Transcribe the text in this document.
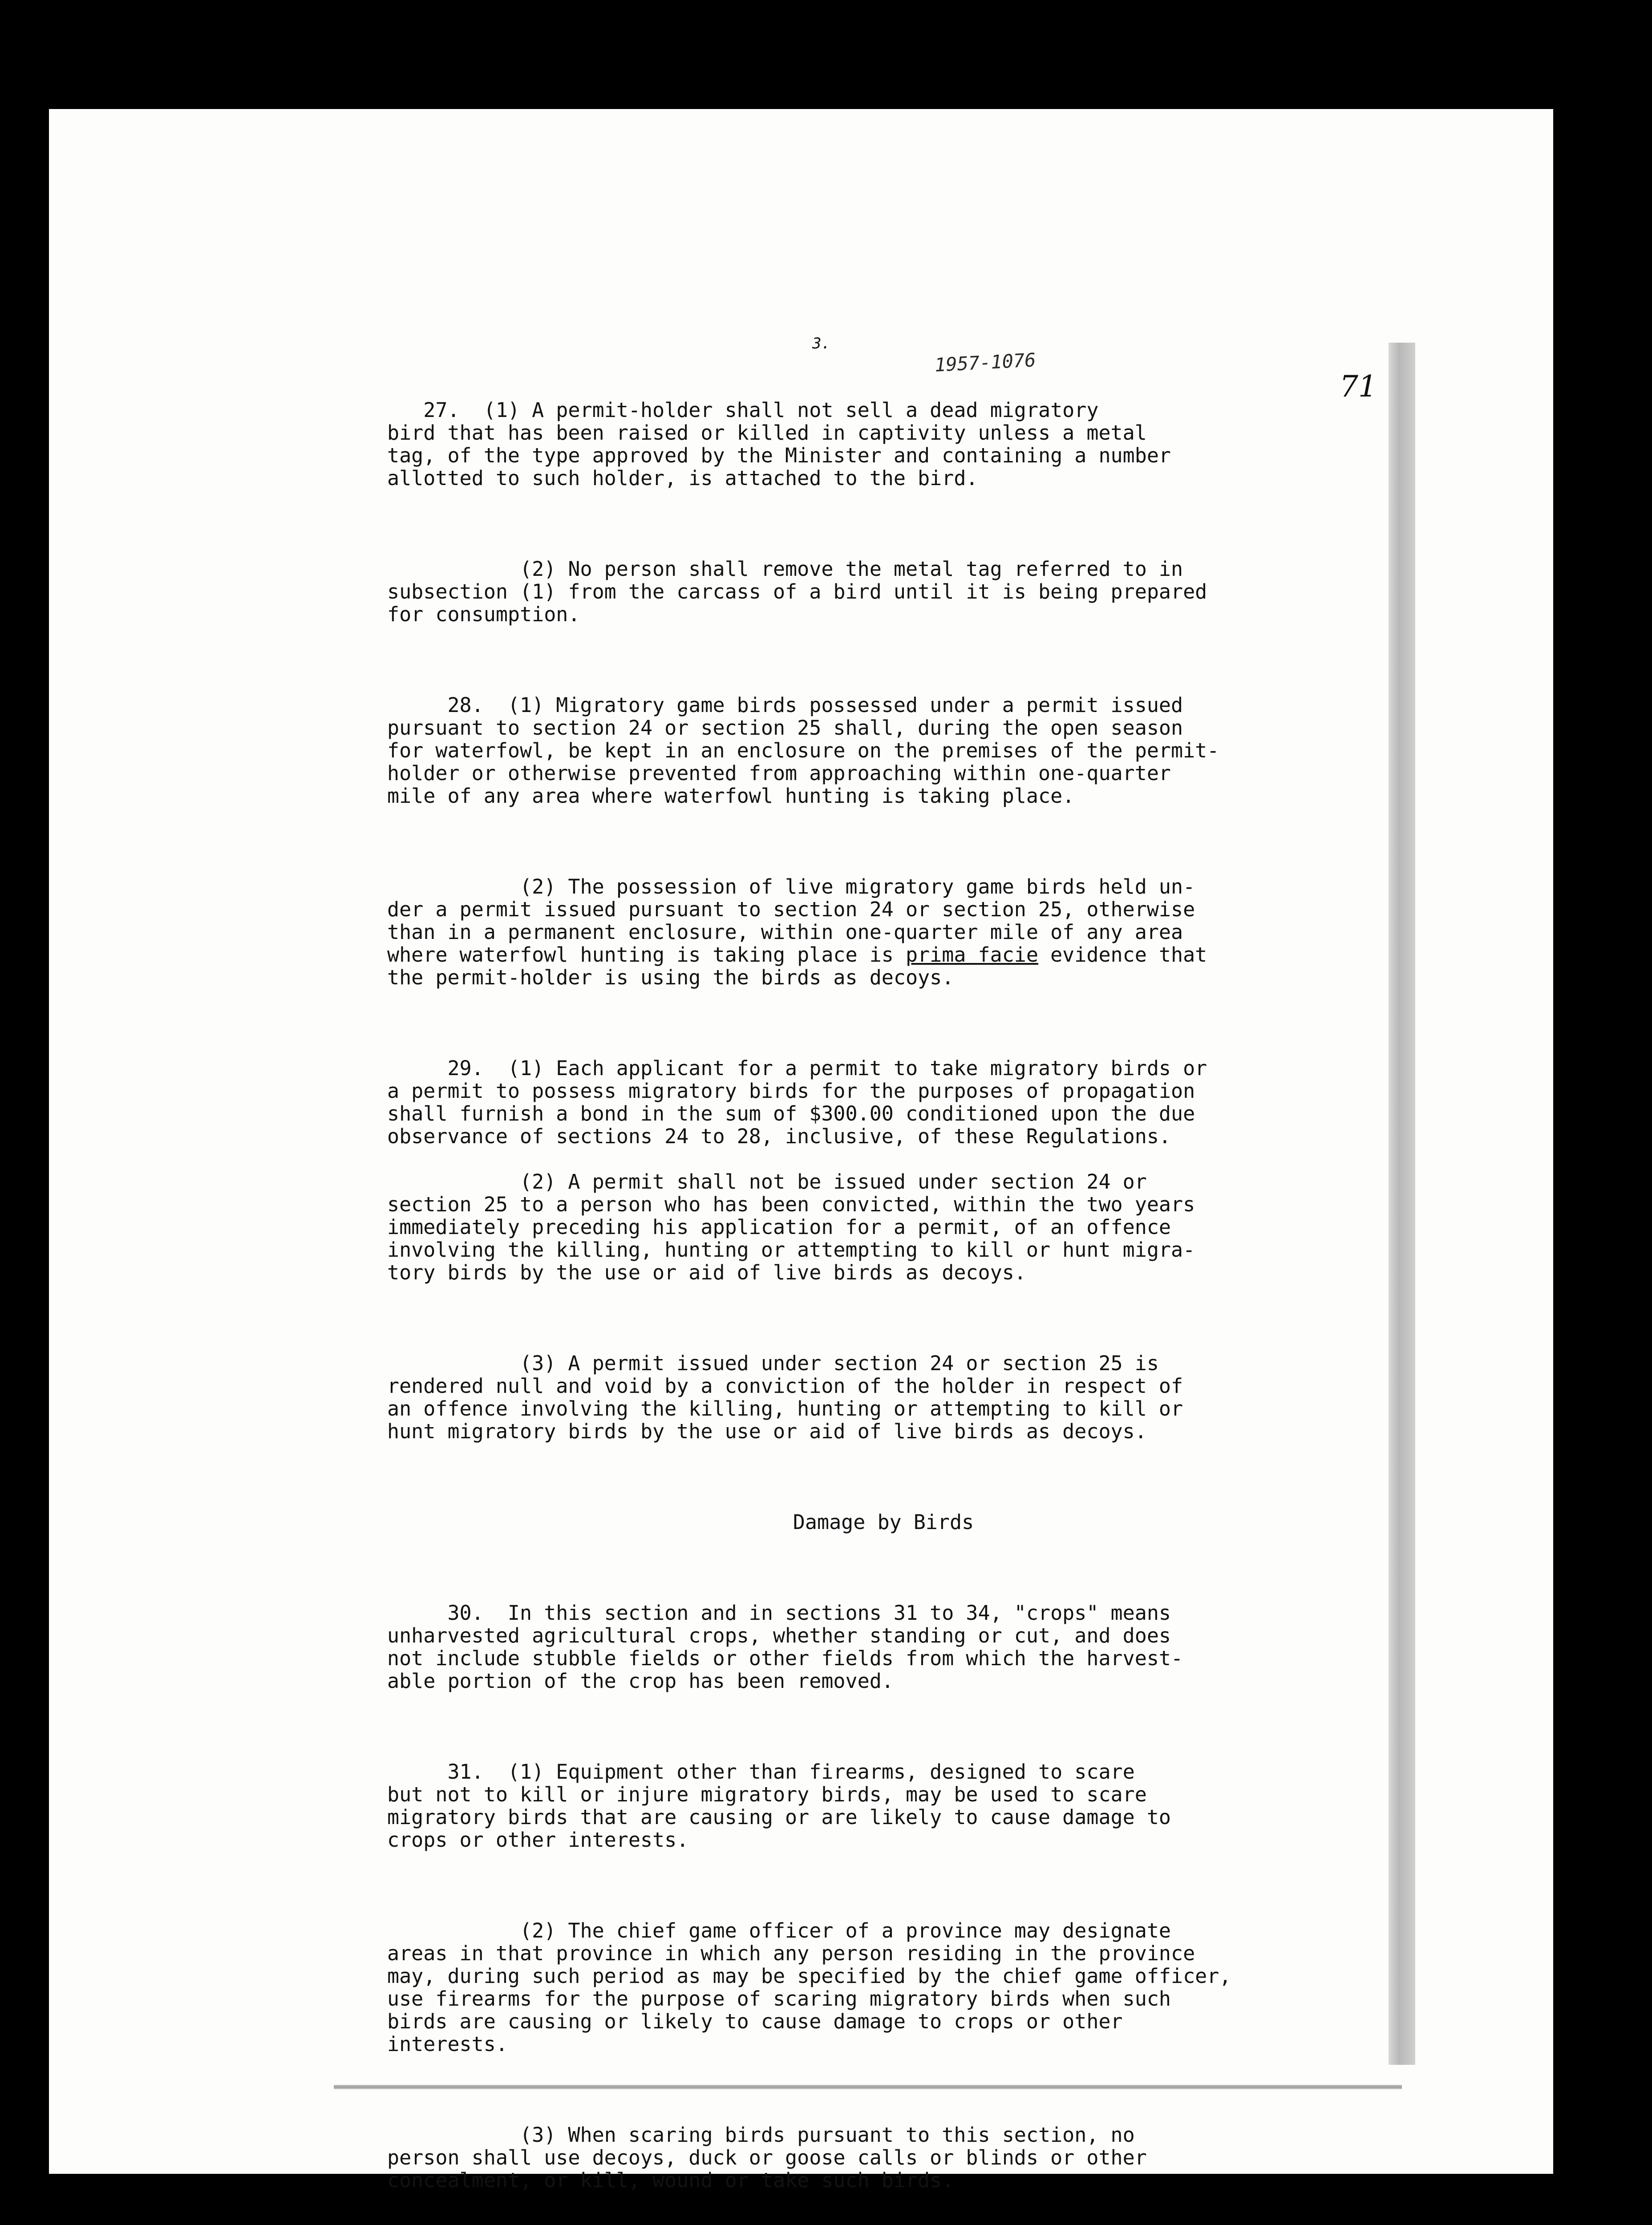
3.
1957-1076
71

27.  (1) A permit-holder shall not sell a dead migratory
bird that has been raised or killed in captivity unless a metal
tag, of the type approved by the Minister and containing a number
allotted to such holder, is attached to the bird.

(2) No person shall remove the metal tag referred to in
subsection (1) from the carcass of a bird until it is being prepared
for consumption.

28.  (1) Migratory game birds possessed under a permit issued
pursuant to section 24 or section 25 shall, during the open season
for waterfowl, be kept in an enclosure on the premises of the permit-
holder or otherwise prevented from approaching within one-quarter
mile of any area where waterfowl hunting is taking place.

(2) The possession of live migratory game birds held un-
der a permit issued pursuant to section 24 or section 25, otherwise
than in a permanent enclosure, within one-quarter mile of any area
where waterfowl hunting is taking place is prima facie evidence that
the permit-holder is using the birds as decoys.

29.  (1) Each applicant for a permit to take migratory birds or
a permit to possess migratory birds for the purposes of propagation
shall furnish a bond in the sum of $300.00 conditioned upon the due
observance of sections 24 to 28, inclusive, of these Regulations.

(2) A permit shall not be issued under section 24 or
section 25 to a person who has been convicted, within the two years
immediately preceding his application for a permit, of an offence
involving the killing, hunting or attempting to kill or hunt migra-
tory birds by the use or aid of live birds as decoys.

(3) A permit issued under section 24 or section 25 is
rendered null and void by a conviction of the holder in respect of
an offence involving the killing, hunting or attempting to kill or
hunt migratory birds by the use or aid of live birds as decoys.

Damage by Birds

30.  In this section and in sections 31 to 34, "crops" means
unharvested agricultural crops, whether standing or cut, and does
not include stubble fields or other fields from which the harvest-
able portion of the crop has been removed.

31.  (1) Equipment other than firearms, designed to scare
but not to kill or injure migratory birds, may be used to scare
migratory birds that are causing or are likely to cause damage to
crops or other interests.

(2) The chief game officer of a province may designate
areas in that province in which any person residing in the province
may, during such period as may be specified by the chief game officer,
use firearms for the purpose of scaring migratory birds when such
birds are causing or likely to cause damage to crops or other
interests.

(3) When scaring birds pursuant to this section, no
person shall use decoys, duck or goose calls or blinds or other
concealment, or kill, wound or take such birds.
